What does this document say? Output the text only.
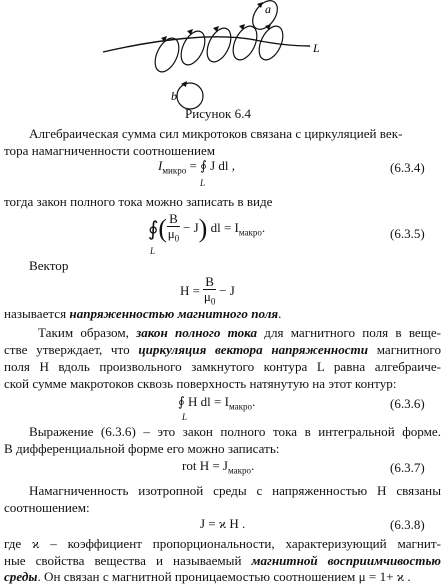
a
L
b
Рисунок 6.4
Алгебраическая сумма сил микротоков связана с циркуляцией век-
тора намагниченности соотношением
$I_{микро}$ = ∮ J dl ,
L
(6.3.4)
тогда закон полного тока можно записать в виде
∮( $\frac{B}{\mu_0} - J$) dl = $I_{макро}$.
L
(6.3.5)
Вектор
$H = \frac{B}{\mu_0} - J$
называется напряженностью магнитного поля.
Таким образом, закон полного тока для магнитного поля в веще-
стве утверждает, что циркуляция вектора напряженности магнитного
поля H вдоль произвольного замкнутого контура L равна алгебраиче-
ской сумме макротоков сквозь поверхность натянутую на этот контур:
∮ H dl = $I_{макро}$.
L
(6.3.6)
Выражение (6.3.6) – это закон полного тока в интегральной форме.
В дифференциальной форме его можно записать:
rot $H = J_{макро}$.	(6.3.7)
Намагниченность изотропной среды с напряженностью H связаны
соотношением:
J = ϰ H .	(6.3.8)
где ϰ – коэффициент пропорциональности, характеризующий магнит-
ные свойства вещества и называемый магнитной восприимчивостью
среды. Он связан с магнитной проницаемостью соотношением μ = 1+ ϰ .
